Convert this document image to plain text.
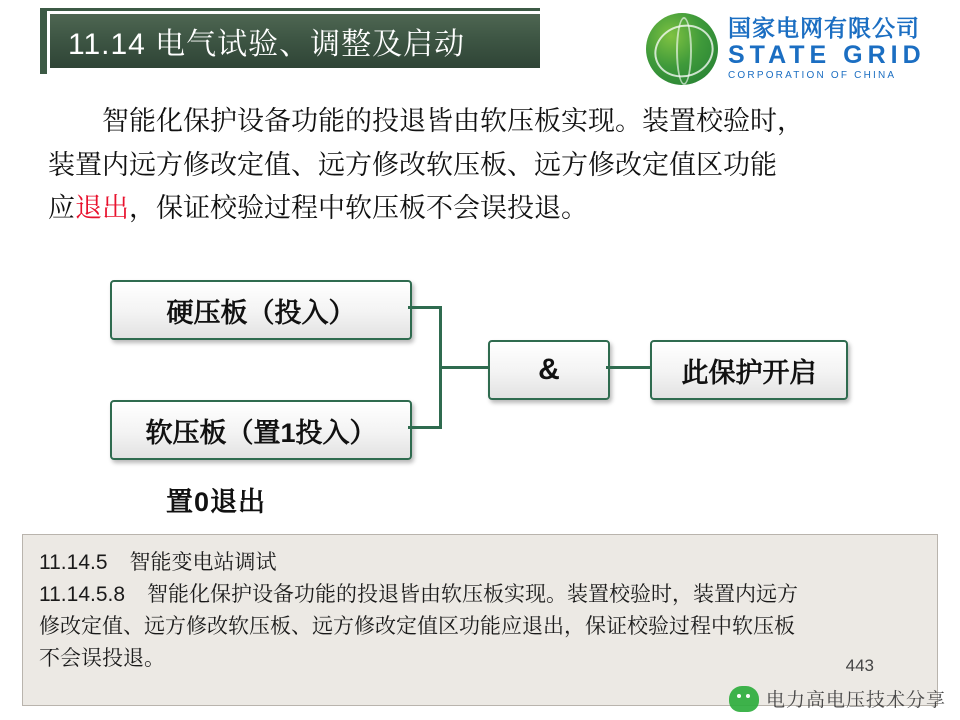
11.14 电气试验、调整及启动	国家电网有限公司
STATE GRID
CORPORATION OF CHINA
智能化保护设备功能的投退皆由软压板实现。装置校验时，
装置内远方修改定值、远方修改软压板、远方修改定值区功能
应退出，保证校验过程中软压板不会误投退。
硬压板（投入）
软压板（置1投入）
&	此保护开启
置0退出
11.14.5 智能变电站调试
11.14.5.8 智能化保护设备功能的投退皆由软压板实现。装置校验时，装置内远方
修改定值、远方修改软压板、远方修改定值区功能应退出，保证校验过程中软压板
不会误投退。	443
电力高电压技术分享
